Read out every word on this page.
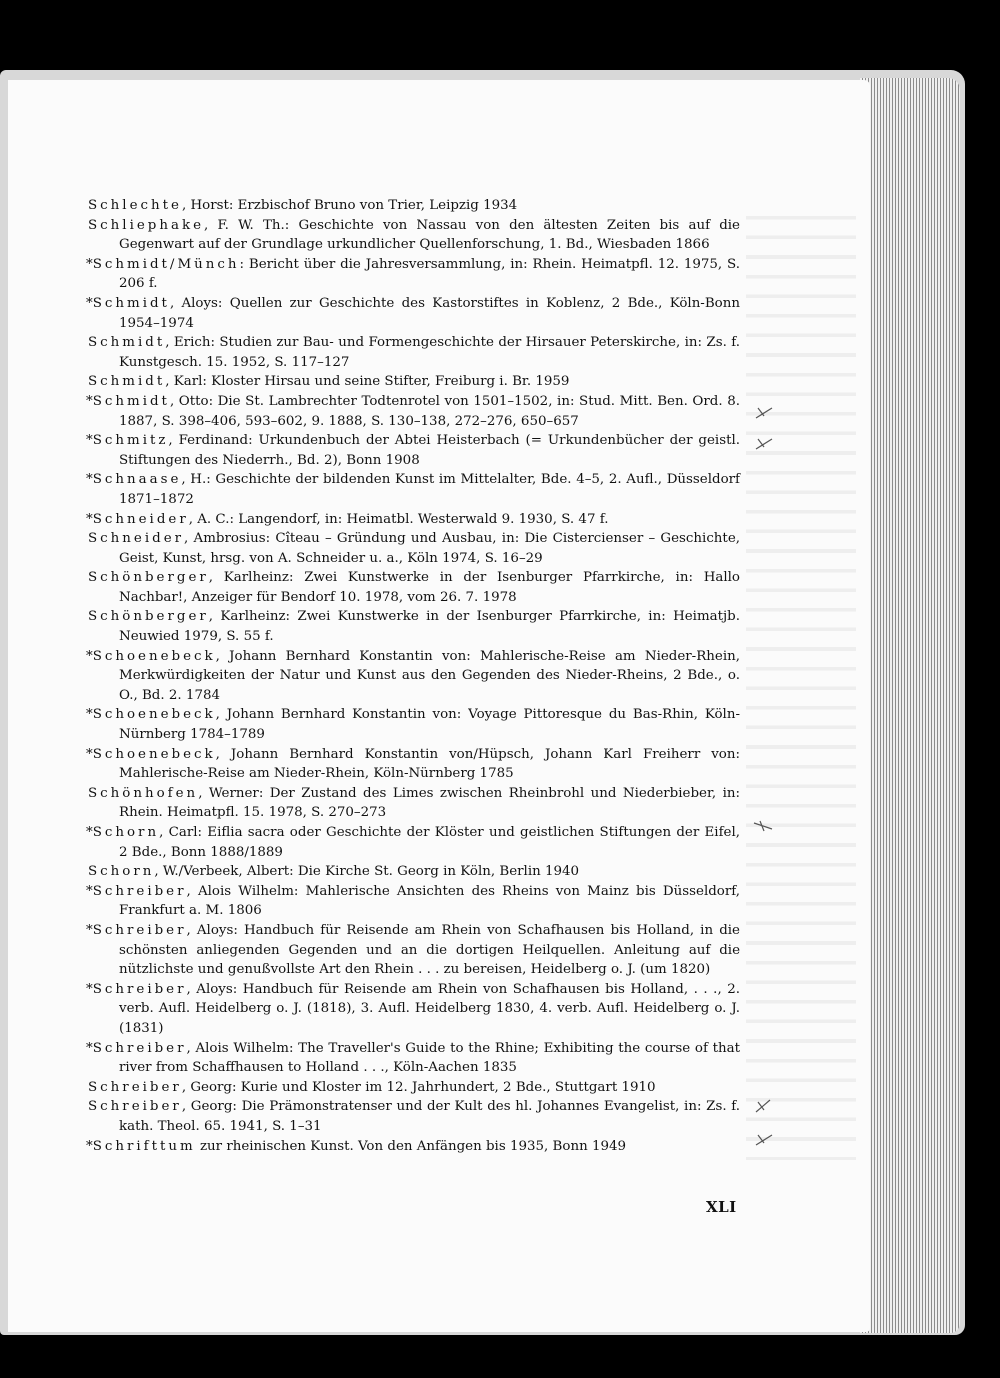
Schlechte, Horst: Erzbischof Bruno von Trier, Leipzig 1934

Schliephake, F. W. Th.: Geschichte von Nassau von den ältesten Zeiten bis auf die Gegenwart auf der Grundlage urkundlicher Quellenforschung, 1. Bd., Wiesbaden 1866

*Schmidt/Münch: Bericht über die Jahresversammlung, in: Rhein. Heimatpfl. 12. 1975, S. 206 f.

*Schmidt, Aloys: Quellen zur Geschichte des Kastorstiftes in Koblenz, 2 Bde., Köln-Bonn 1954–1974

Schmidt, Erich: Studien zur Bau- und Formengeschichte der Hirsauer Peterskirche, in: Zs. f. Kunstgesch. 15. 1952, S. 117–127

Schmidt, Karl: Kloster Hirsau und seine Stifter, Freiburg i. Br. 1959

*Schmidt, Otto: Die St. Lambrechter Todtenrotel von 1501–1502, in: Stud. Mitt. Ben. Ord. 8. 1887, S. 398–406, 593–602, 9. 1888, S. 130–138, 272–276, 650–657

*Schmitz, Ferdinand: Urkundenbuch der Abtei Heisterbach (= Urkundenbücher der geistl. Stiftungen des Niederrh., Bd. 2), Bonn 1908

*Schnaase, H.: Geschichte der bildenden Kunst im Mittelalter, Bde. 4–5, 2. Aufl., Düsseldorf 1871–1872

*Schneider, A. C.: Langendorf, in: Heimatbl. Westerwald 9. 1930, S. 47 f.

Schneider, Ambrosius: Cîteau – Gründung und Ausbau, in: Die Cistercienser – Geschichte, Geist, Kunst, hrsg. von A. Schneider u. a., Köln 1974, S. 16–29

Schönberger, Karlheinz: Zwei Kunstwerke in der Isenburger Pfarrkirche, in: Hallo Nachbar!, Anzeiger für Bendorf 10. 1978, vom 26. 7. 1978

Schönberger, Karlheinz: Zwei Kunstwerke in der Isenburger Pfarrkirche, in: Heimatjb. Neuwied 1979, S. 55 f.

*Schoenebeck, Johann Bernhard Konstantin von: Mahlerische-Reise am Nieder-Rhein, Merkwürdigkeiten der Natur und Kunst aus den Gegenden des Nieder-Rheins, 2 Bde., o. O., Bd. 2. 1784

*Schoenebeck, Johann Bernhard Konstantin von: Voyage Pittoresque du Bas-Rhin, Köln-Nürnberg 1784–1789

*Schoenebeck, Johann Bernhard Konstantin von/Hüpsch, Johann Karl Freiherr von: Mahlerische-Reise am Nieder-Rhein, Köln-Nürnberg 1785

Schönhofen, Werner: Der Zustand des Limes zwischen Rheinbrohl und Niederbieber, in: Rhein. Heimatpfl. 15. 1978, S. 270–273

*Schorn, Carl: Eiflia sacra oder Geschichte der Klöster und geistlichen Stiftungen der Eifel, 2 Bde., Bonn 1888/1889

Schorn, W./Verbeek, Albert: Die Kirche St. Georg in Köln, Berlin 1940

*Schreiber, Alois Wilhelm: Mahlerische Ansichten des Rheins von Mainz bis Düsseldorf, Frankfurt a. M. 1806

*Schreiber, Aloys: Handbuch für Reisende am Rhein von Schafhausen bis Holland, in die schönsten anliegenden Gegenden und an die dortigen Heilquellen. Anleitung auf die nützlichste und genußvollste Art den Rhein . . . zu bereisen, Heidelberg o. J. (um 1820)

*Schreiber, Aloys: Handbuch für Reisende am Rhein von Schafhausen bis Holland, . . ., 2. verb. Aufl. Heidelberg o. J. (1818), 3. Aufl. Heidelberg 1830, 4. verb. Aufl. Heidelberg o. J. (1831)

*Schreiber, Alois Wilhelm: The Traveller's Guide to the Rhine; Exhibiting the course of that river from Schaffhausen to Holland . . ., Köln-Aachen 1835

Schreiber, Georg: Kurie und Kloster im 12. Jahrhundert, 2 Bde., Stuttgart 1910

Schreiber, Georg: Die Prämonstratenser und der Kult des hl. Johannes Evangelist, in: Zs. f. kath. Theol. 65. 1941, S. 1–31

*Schrifttum zur rheinischen Kunst. Von den Anfängen bis 1935, Bonn 1949

XLI
